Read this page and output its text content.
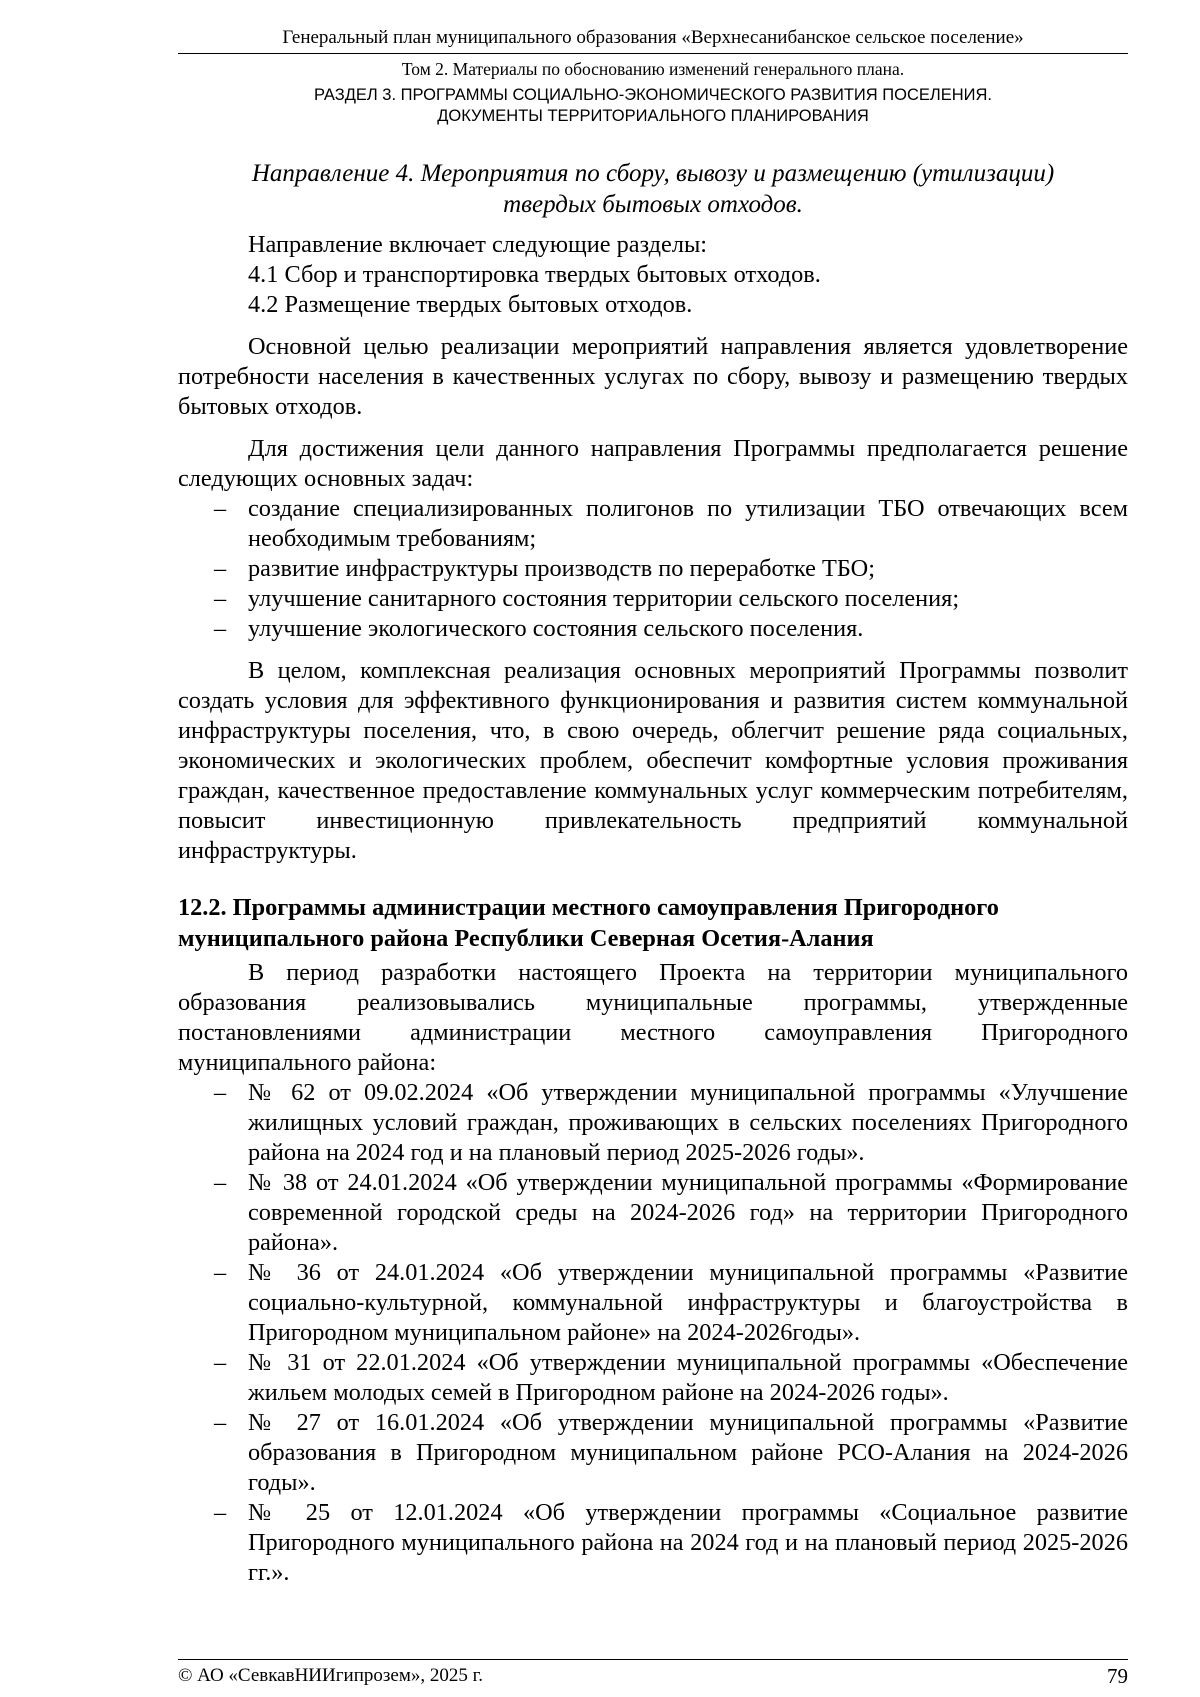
Генеральный план муниципального образования «Верхнесанибанское сельское поселение»
Том 2. Материалы по обоснованию изменений генерального плана.
РАЗДЕЛ 3. ПРОГРАММЫ СОЦИАЛЬНО-ЭКОНОМИЧЕСКОГО РАЗВИТИЯ ПОСЕЛЕНИЯ.
ДОКУМЕНТЫ ТЕРРИТОРИАЛЬНОГО ПЛАНИРОВАНИЯ
Направление 4. Мероприятия по сбору, вывозу и размещению (утилизации)
твердых бытовых отходов.

Направление включает следующие разделы:

4.1 Сбор и транспортировка твердых бытовых отходов.

4.2 Размещение твердых бытовых отходов.

Основной целью реализации мероприятий направления является удовлетворение потребности населения в качественных услугах по сбору, вывозу и размещению твердых бытовых отходов.

Для достижения цели данного направления Программы предполагается решение следующих основных задач:

– создание специализированных полигонов по утилизации ТБО отвечающих всем необходимым требованиям;
– развитие инфраструктуры производств по переработке ТБО;
– улучшение санитарного состояния территории сельского поселения;
– улучшение экологического состояния сельского поселения.

В целом, комплексная реализация основных мероприятий Программы позволит создать условия для эффективного функционирования и развития систем коммунальной инфраструктуры поселения, что, в свою очередь, облегчит решение ряда социальных, экономических и экологических проблем, обеспечит комфортные условия проживания граждан, качественное предоставление коммунальных услуг коммерческим потребителям, повысит инвестиционную привлекательность предприятий коммунальной инфраструктуры.

12.2. Программы администрации местного самоуправления Пригородного
муниципального района Республики Северная Осетия-Алания

В период разработки настоящего Проекта на территории муниципального образования реализовывались муниципальные программы, утвержденные постановлениями администрации местного самоуправления Пригородного муниципального района:

– № 62 от 09.02.2024 «Об утверждении муниципальной программы «Улучшение жилищных условий граждан, проживающих в сельских поселениях Пригородного района на 2024 год и на плановый период 2025-2026 годы».
– № 38 от 24.01.2024 «Об утверждении муниципальной программы «Формирование современной городской среды на 2024-2026 год» на территории Пригородного района».
– № 36 от 24.01.2024 «Об утверждении муниципальной программы «Развитие социально-культурной, коммунальной инфраструктуры и благоустройства в Пригородном муниципальном районе» на 2024-2026годы».
– № 31 от 22.01.2024 «Об утверждении муниципальной программы «Обеспечение жильем молодых семей в Пригородном районе на 2024-2026 годы».
– № 27 от 16.01.2024 «Об утверждении муниципальной программы «Развитие образования в Пригородном муниципальном районе РСО-Алания на 2024-2026 годы».
– № 25 от 12.01.2024 «Об утверждении программы «Социальное развитие Пригородного муниципального района на 2024 год и на плановый период 2025-2026 гг.».
© АО «СевкавНИИгипрозем», 2025 г.	79
